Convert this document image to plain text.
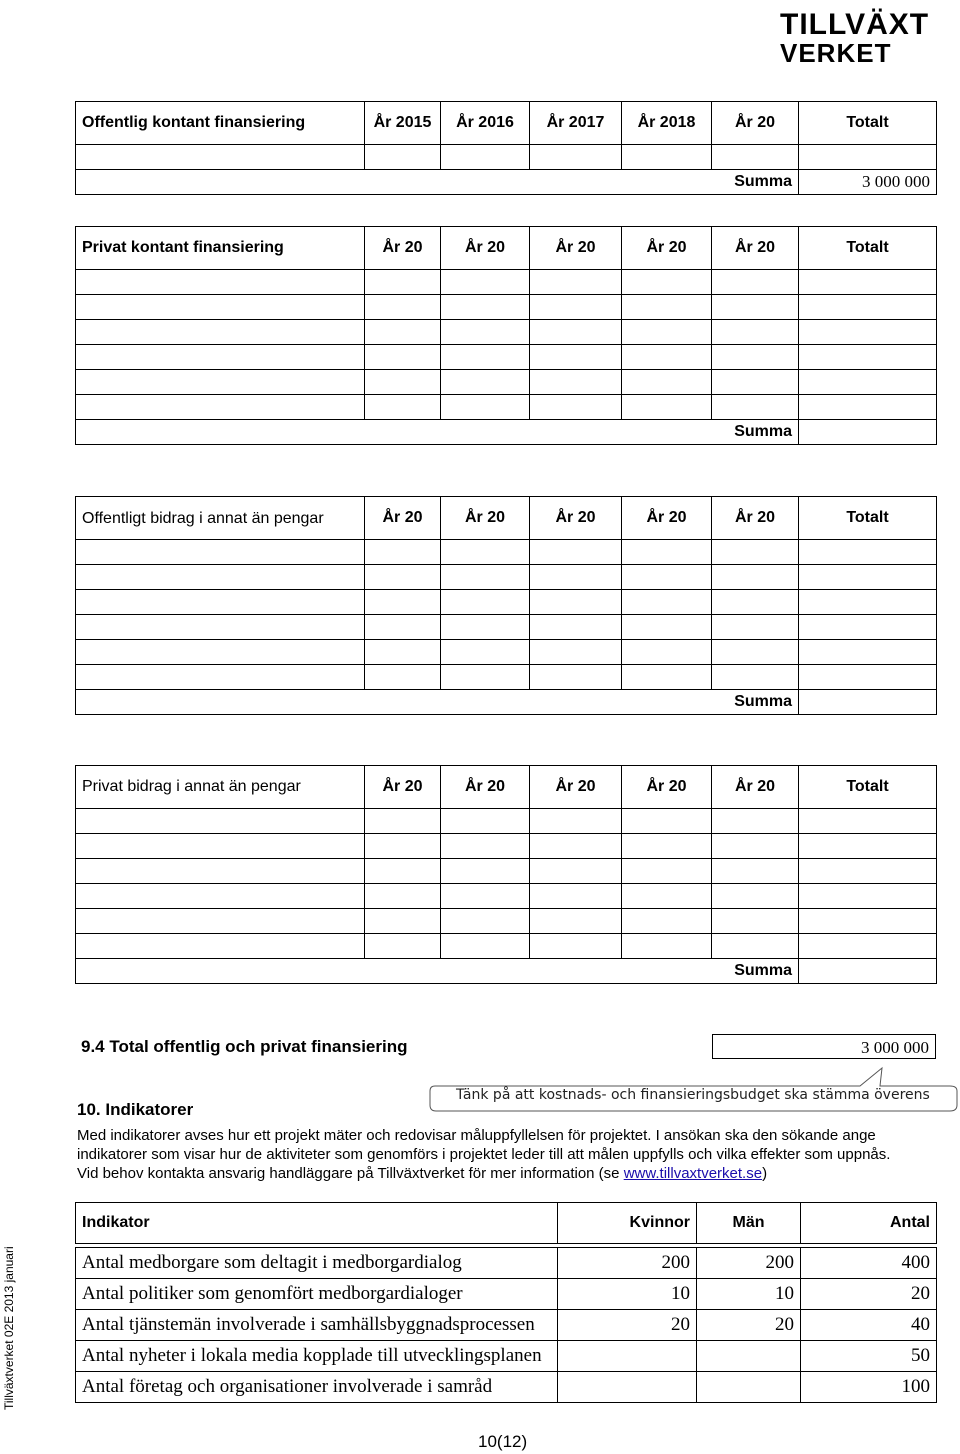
TILLVÄXT
VERKET
Offentlig kontant finansiering	År 2015	År 2016	År 2017	År 2018	År 20	Totalt

Summa						3 000 000
Privat kontant finansiering	År 20	År 20	År 20	År 20	År 20	Totalt

Summa						
Offentligt bidrag i annat än pengar	År 20	År 20	År 20	År 20	År 20	Totalt

Summa						
Privat bidrag i annat än pengar	År 20	År 20	År 20	År 20	År 20	Totalt

Summa						
9.4 Total offentlig och privat finansiering	3 000 000
Tänk på att kostnads- och finansieringsbudget ska stämma överens
10. Indikatorer

Med indikatorer avses hur ett projekt mäter och redovisar måluppfyllelsen för projektet. I ansökan ska den sökande ange indikatorer som visar hur de aktiviteter som genomförs i projektet leder till att målen uppfylls och vilka effekter som uppnås.

Vid behov kontakta ansvarig handläggare på Tillväxtverket för mer information (se www.tillvaxtverket.se)

Indikator	Kvinnor	Män	Antal

Antal medborgare som deltagit i medborgardialog	200	200	400
Antal politiker som genomfört medborgardialoger	10	10	20
Antal tjänstemän involverade i samhällsbyggnadsprocessen	20	20	40
Antal nyheter i lokala media kopplade till utvecklingsplanen			50
Antal företag och organisationer involverade i samråd			100
Tillväxtverket 02E 2013 januari
10(12)
